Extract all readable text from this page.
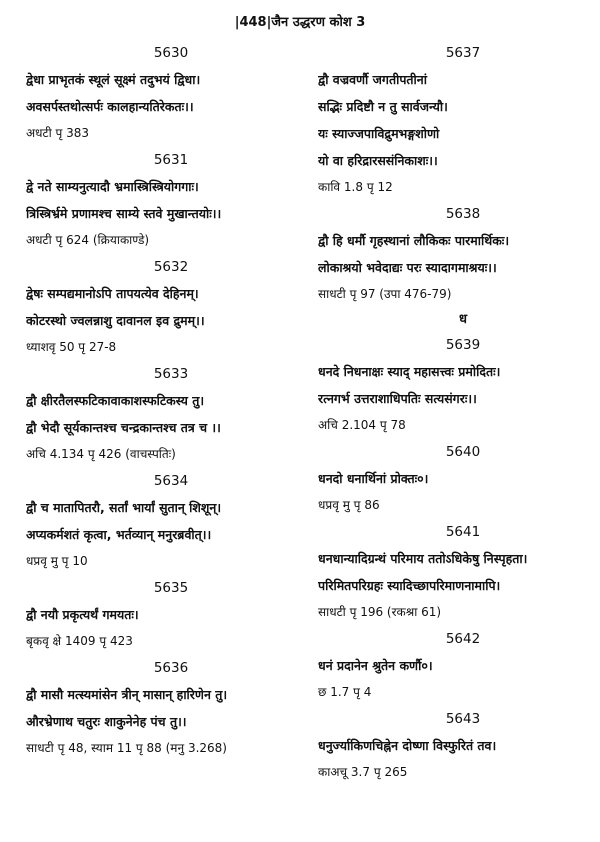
|448|जैन उद्धरण कोश 3
5630
द्वेधा प्राभृतकं स्थूलं सूक्ष्मं तदुभयं द्विधा।
अवसर्पस्तथोत्सर्पः कालहान्यतिरेकतः।।
अधटी पृ 383
5631
द्वे नते साम्यनुत्यादौ भ्रमास्त्रिस्त्रियोगगाः।
त्रिस्त्रिर्भ्रमे प्रणामश्च साम्ये स्तवे मुखान्तयोः।।
अधटी पृ 624 (क्रियाकाण्डे)
5632
द्वेषः सम्पद्यमानोऽपि तापयत्येव देहिनम्।
कोटरस्थो ज्वलन्नाशु दावानल इव द्रुमम्।।
ध्याशवृ 50 पृ 27-8
5633
द्वौ क्षीरतैलस्फटिकावाकाशस्फटिकस्य तु।
द्वौ भेदौ सूर्यकान्तश्च चन्द्रकान्तश्च तत्र च ।।
अचि 4.134 पृ 426 (वाचस्पतिः)
5634
द्वौ च मातापितरौ, सर्तां भार्यां सुतान् शिशून्।
अप्यकर्मशतं कृत्वा, भर्तव्यान् मनुरब्रवीत्।।
धप्रवृ मु पृ 10
5635
द्वौ नयौ प्रकृत्यर्थं गमयतः।
बृकवृ क्षे 1409 पृ 423
5636
द्वौ मासौ मत्स्यमांसेन त्रीन् मासान् हारिणेन तु।
औरभ्रेणाथ चतुरः शाकुनेनेह पंच तु।।
साधटी पृ 48, स्याम 11 पृ 88 (मनु 3.268)
5637
द्वौ वज्रवर्णौ जगतीपतीनां
सद्भिः प्रदिष्टौ न तु सार्वजन्यौ।
यः स्याज्जपाविद्रुमभङ्गशोणो
यो वा हरिद्रारससंनिकाशः।।
कावि 1.8 पृ 12
5638
द्वौ हि धर्मौ गृहस्थानां लौकिकः पारमार्थिकः।
लोकाश्रयो भवेदाद्यः परः स्यादागमाश्रयः।।
साधटी पृ 97 (उपा 476-79)
ध
5639
धनदे निधनाक्षः स्याद् महासत्त्वः प्रमोदितः।
रत्नगर्भ उत्तराशाधिपतिः सत्यसंगरः।।
अचि 2.104 पृ 78
5640
धनदो धनार्थिनां प्रोक्तः०।
धप्रवृ मु पृ 86
5641
धनधान्यादिग्रन्थं परिमाय ततोऽधिकेषु निस्पृहता।
परिमितपरिग्रहः स्यादिच्छापरिमाणनामापि।
साधटी पृ 196 (रकश्रा 61)
5642
धनं प्रदानेन श्रुतेन कर्णौ०।
छ 1.7 पृ 4
5643
धनुर्ज्याकिणचिह्नेन दोष्णा विस्फुरितं तव।
काअचू 3.7 पृ 265
